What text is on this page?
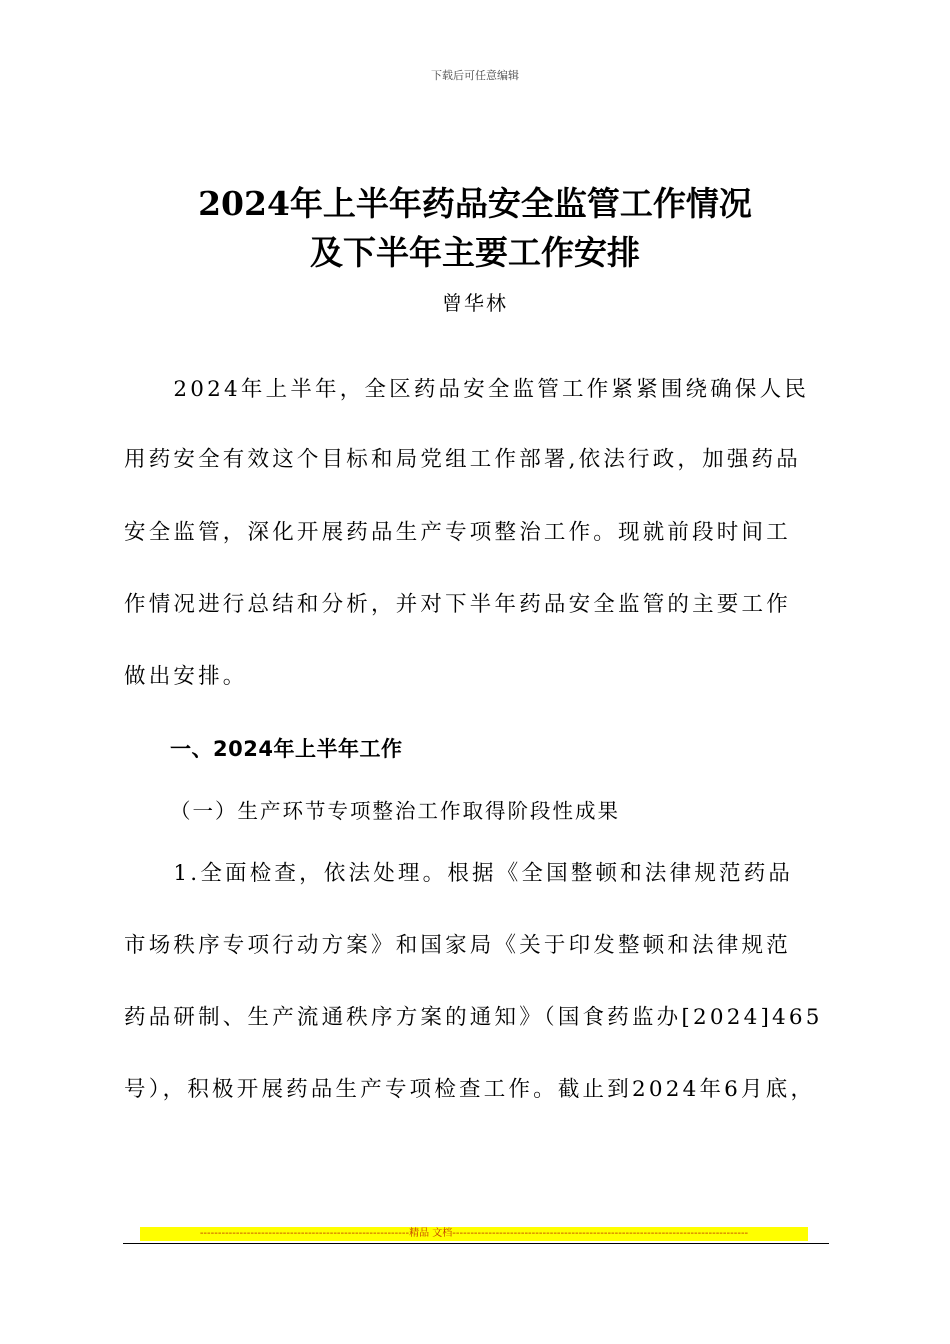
下载后可任意编辑
2024年上半年药品安全监管工作情况
及下半年主要工作安排
曾华林
　　2024年上半年，全区药品安全监管工作紧紧围绕确保人民
用药安全有效这个目标和局党组工作部署,依法行政，加强药品
安全监管，深化开展药品生产专项整治工作。现就前段时间工
作情况进行总结和分析，并对下半年药品安全监管的主要工作
做出安排。
一、2024年上半年工作
（一）生产环节专项整治工作取得阶段性成果
　　1.全面检查，依法处理。根据《全国整顿和法律规范药品
市场秩序专项行动方案》和国家局《关于印发整顿和法律规范
药品研制、生产流通秩序方案的通知》（国食药监办[2024]465
号），积极开展药品生产专项检查工作。截止到2024年6月底，
----------------------------------------------------------精品 文档----------------------------------------------------------------------------------
